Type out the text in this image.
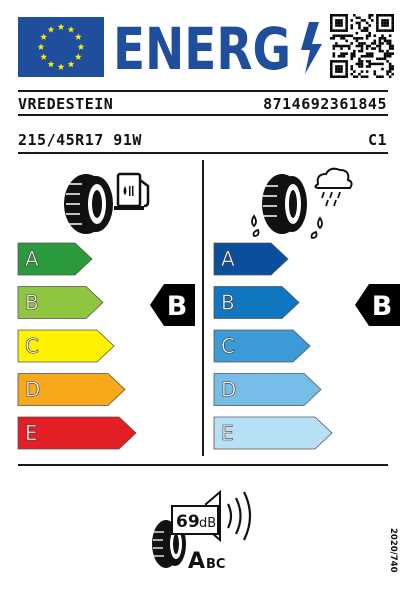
ENERG
VREDESTEIN	8714692361845
215/45R17 91W	C1
A
B
C
D
E
B
A
B
C
D
E
B
69 dB
A BC	2020/740
